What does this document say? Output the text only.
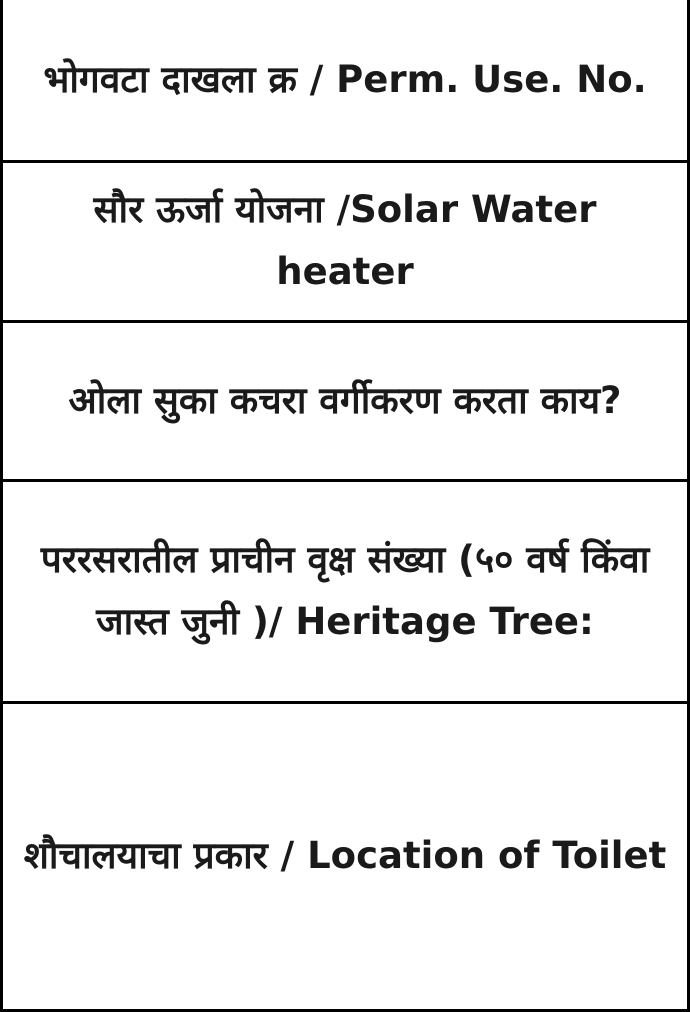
भोगवटा दाखला क्र / Perm. Use. No.
सौर ऊर्जा योजना /Solar Water heater
ओला सुका कचरा वर्गीकरण करता काय?
पररसरातील प्राचीन वृक्ष संख्या (५० वर्ष किंवा जास्त जुनी )/ Heritage Tree:
शौचालयाचा प्रकार / Location of Toilet
